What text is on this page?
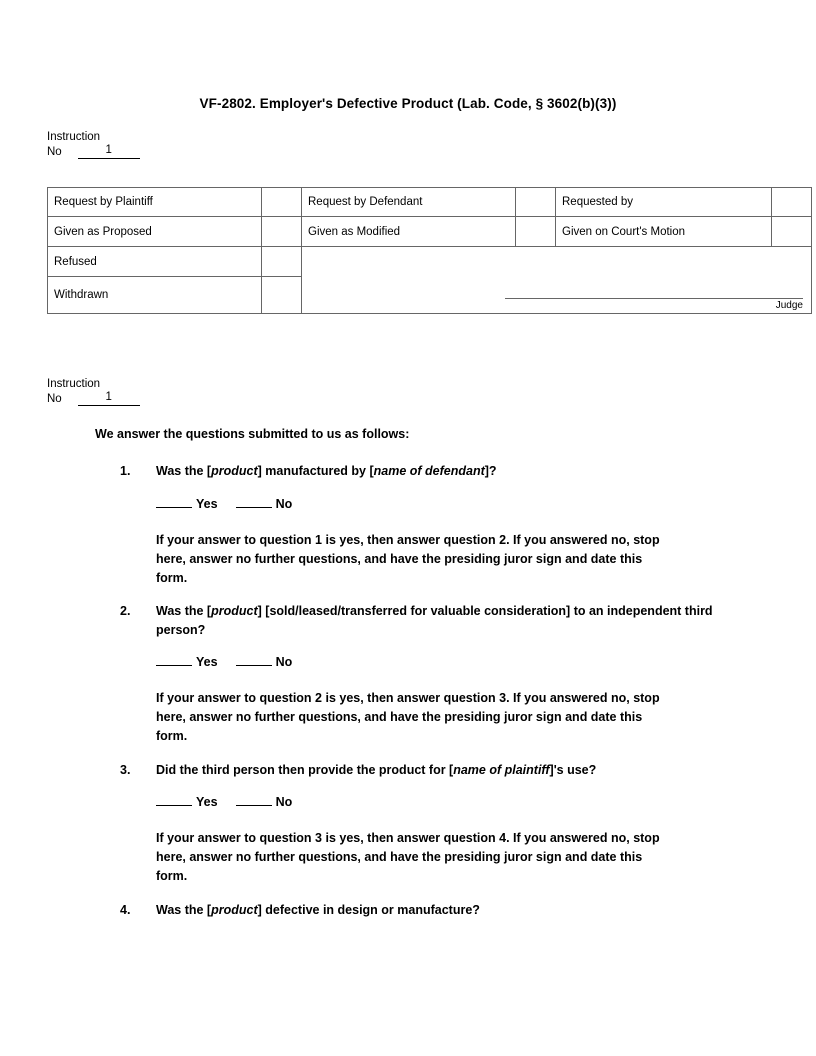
VF-2802. Employer's Defective Product (Lab. Code, § 3602(b)(3))
Instruction
No	1
Request by Plaintiff		Request by Defendant		Requested by	
Given as Proposed		Given as Modified		Given on Court's Motion	
Refused		Judge			

Withdrawn					
Instruction
No	1
We answer the questions submitted to us as follows:
1.	Was the [product] manufactured by [name of defendant]?
Yes	No
If your answer to question 1 is yes, then answer question 2. If you answered no, stop here, answer no further questions, and have the presiding juror sign and date this form.
2.	Was the [product] [sold/leased/transferred for valuable consideration] to an independent third person?
Yes	No
If your answer to question 2 is yes, then answer question 3. If you answered no, stop here, answer no further questions, and have the presiding juror sign and date this form.
3.	Did the third person then provide the product for [name of plaintiff]'s use?
Yes	No
If your answer to question 3 is yes, then answer question 4. If you answered no, stop here, answer no further questions, and have the presiding juror sign and date this form.
4.	Was the [product] defective in design or manufacture?
